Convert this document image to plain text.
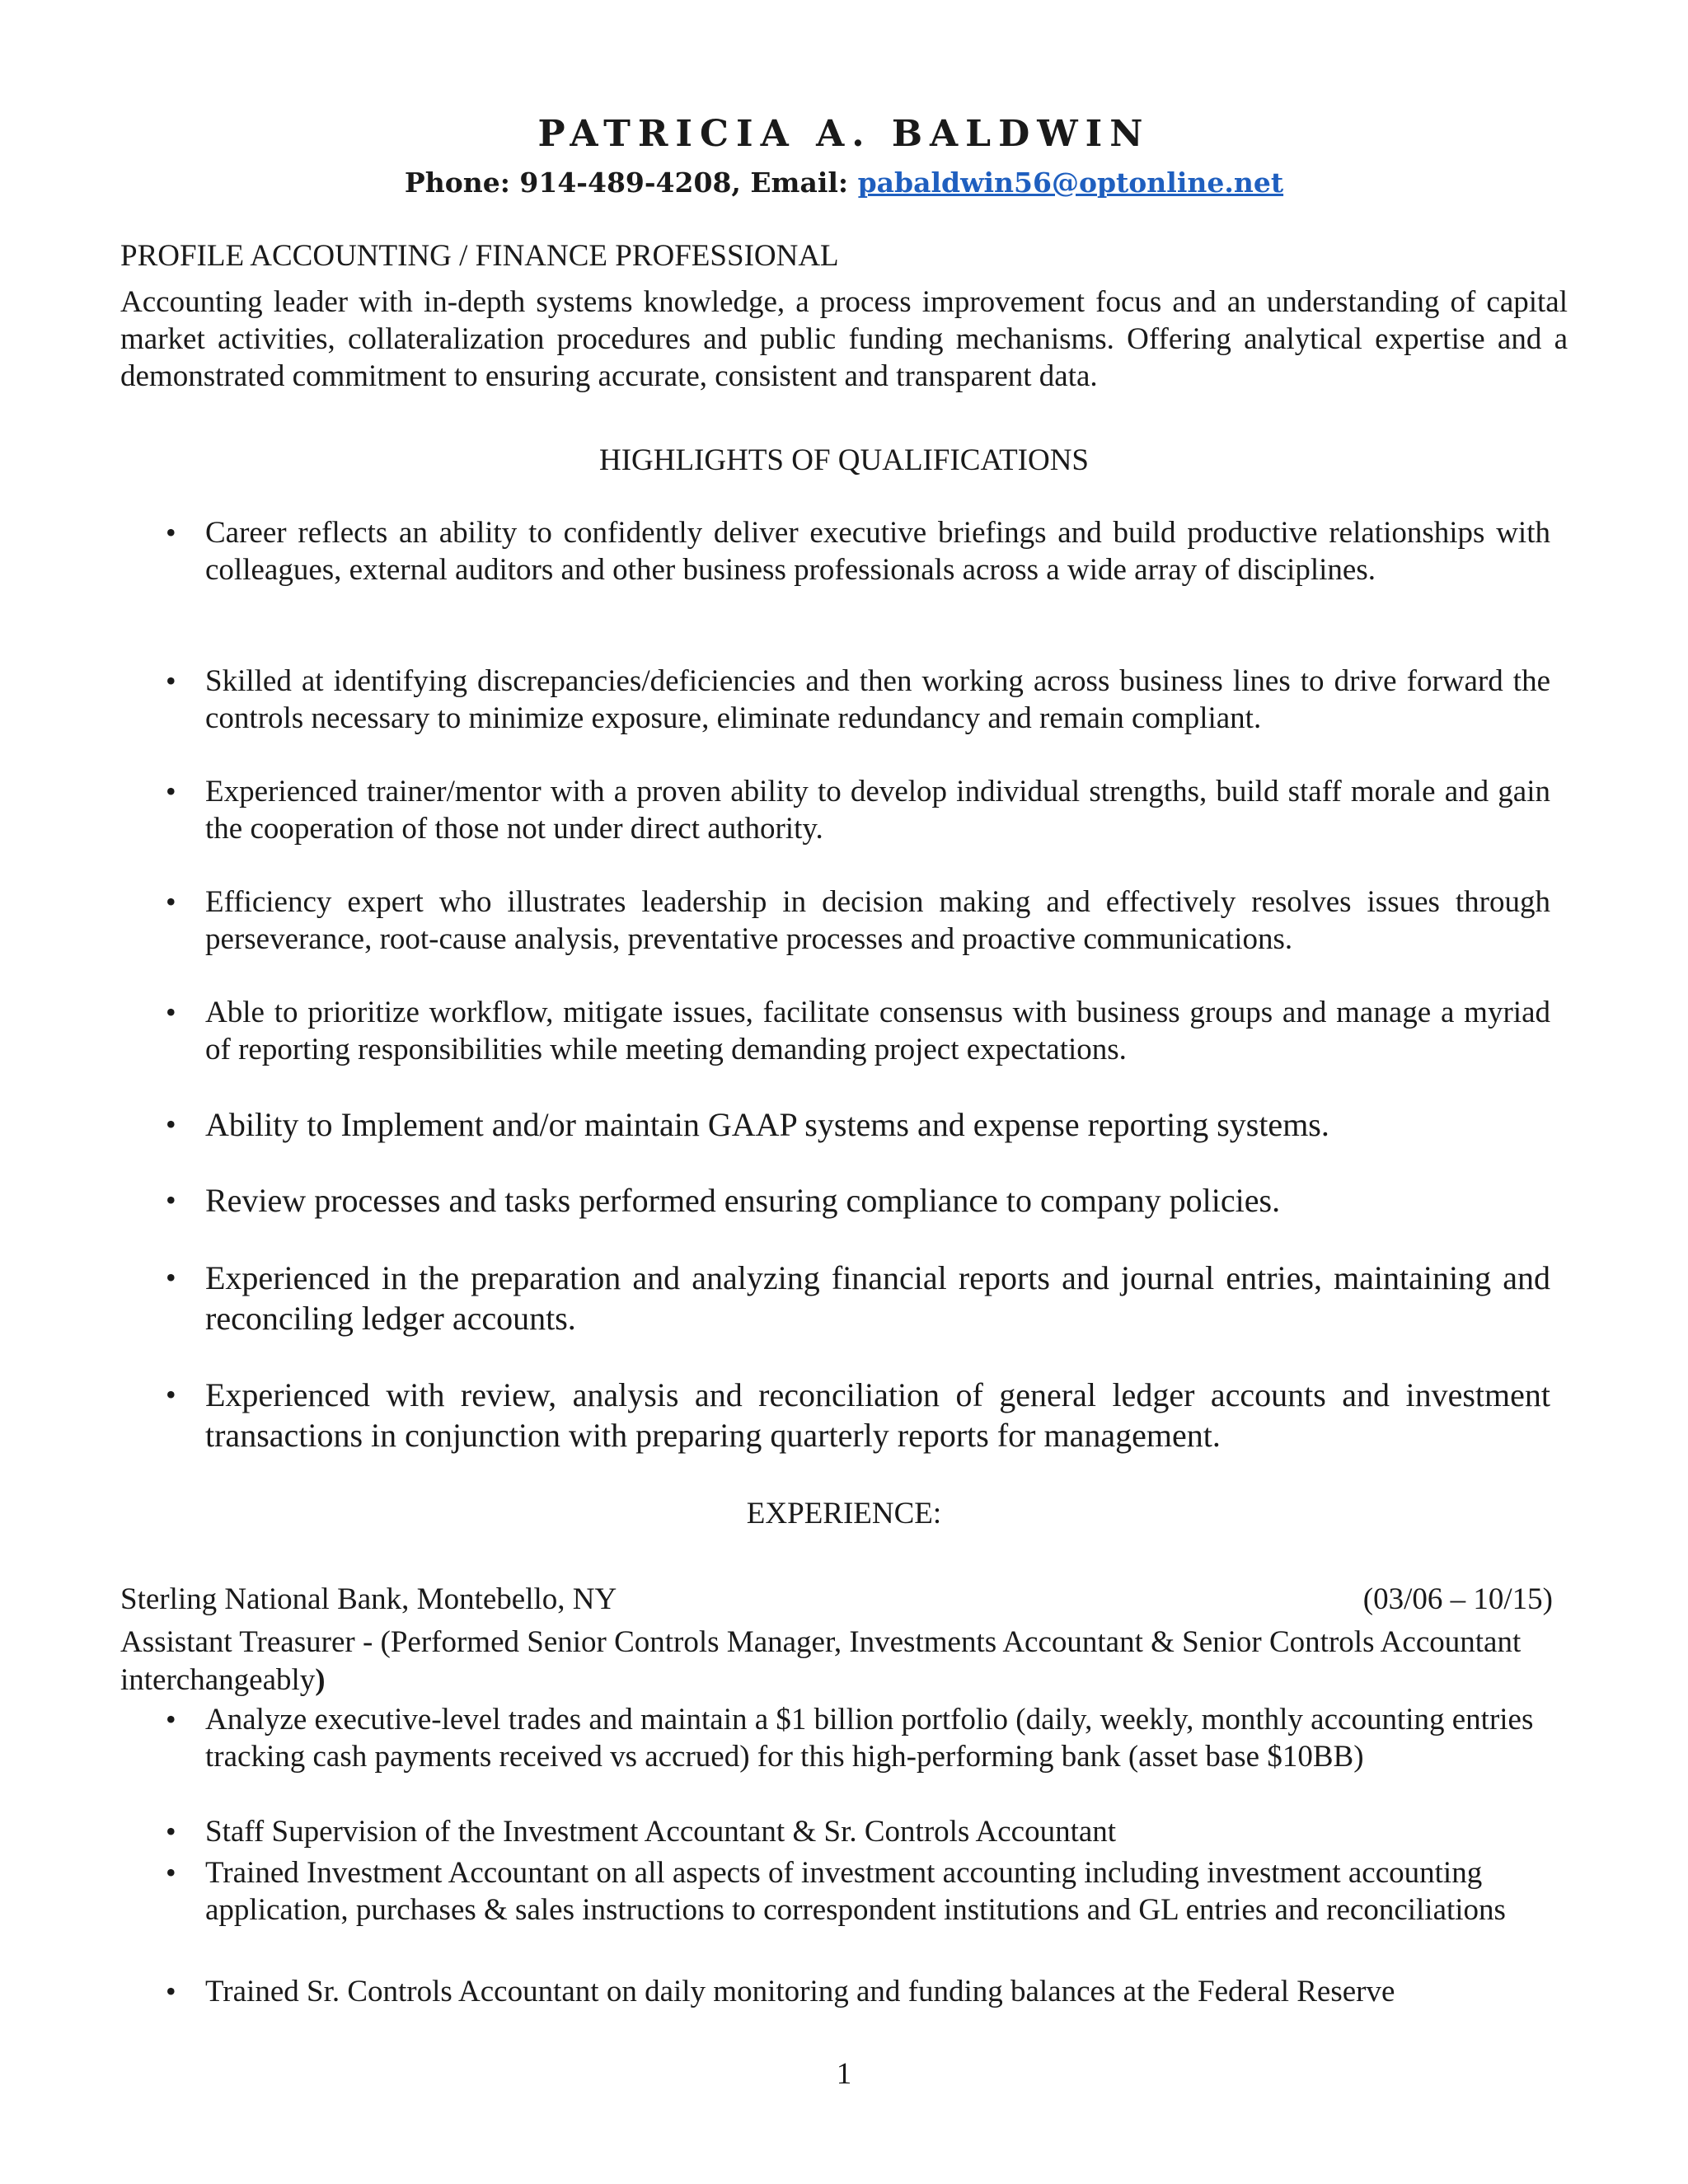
PATRICIA A. BALDWIN
Phone: 914-489-4208, Email: pabaldwin56@optonline.net
PROFILE ACCOUNTING / FINANCE PROFESSIONAL
Accounting leader with in-depth systems knowledge, a process improvement focus and an understanding of capital market activities, collateralization procedures and public funding mechanisms. Offering analytical expertise and a demonstrated commitment to ensuring accurate, consistent and transparent data.
HIGHLIGHTS OF QUALIFICATIONS
• Career reflects an ability to confidently deliver executive briefings and build productive relationships with colleagues, external auditors and other business professionals across a wide array of disciplines.
• Skilled at identifying discrepancies/deficiencies and then working across business lines to drive forward the controls necessary to minimize exposure, eliminate redundancy and remain compliant.
• Experienced trainer/mentor with a proven ability to develop individual strengths, build staff morale and gain the cooperation of those not under direct authority.
• Efficiency expert who illustrates leadership in decision making and effectively resolves issues through perseverance, root-cause analysis, preventative processes and proactive communications.
• Able to prioritize workflow, mitigate issues, facilitate consensus with business groups and manage a myriad of reporting responsibilities while meeting demanding project expectations.
• Ability to Implement and/or maintain GAAP systems and expense reporting systems.
• Review processes and tasks performed ensuring compliance to company policies.
• Experienced in the preparation and analyzing financial reports and journal entries, maintaining and reconciling ledger accounts.
• Experienced with review, analysis and reconciliation of general ledger accounts and investment transactions in conjunction with preparing quarterly reports for management.
EXPERIENCE:
Sterling National Bank, Montebello, NY	(03/06 – 10/15)
Assistant Treasurer - (Performed Senior Controls Manager, Investments Accountant & Senior Controls Accountant interchangeably)
• Analyze executive-level trades and maintain a $1 billion portfolio (daily, weekly, monthly accounting entries tracking cash payments received vs accrued) for this high-performing bank (asset base $10BB)
• Staff Supervision of the Investment Accountant & Sr. Controls Accountant
• Trained Investment Accountant on all aspects of investment accounting including investment accounting application, purchases & sales instructions to correspondent institutions and GL entries and reconciliations
• Trained Sr. Controls Accountant on daily monitoring and funding balances at the Federal Reserve
1
